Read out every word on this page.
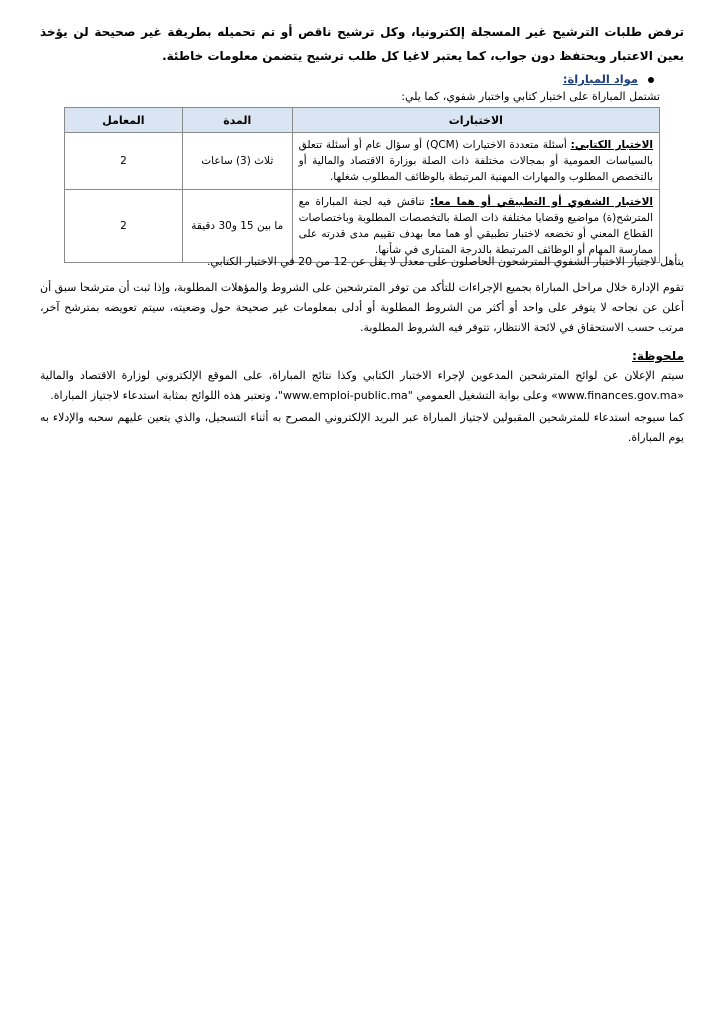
ترفض طلبات الترشيح غير المسجلة إلكترونيا، وكل ترشيح ناقص أو تم تحميله بطريقة غير صحيحة لن يؤخذ بعين الاعتبار ويحتفظ دون جواب، كما يعتبر لاغيا كل طلب ترشيح يتضمن معلومات خاطئة.
مواد المباراة:
تشتمل المباراة على اختبار كتابي واختبار شفوي، كما يلي:
الاختبارات	المدة	المعامل
الاختبار الكتابي: أسئلة متعددة الاختيارات (QCM) أو سؤال عام أو أسئلة تتعلق بالسياسات العمومية أو بمجالات مختلفة ذات الصلة بوزارة الاقتصاد والمالية أو بالتخصص المطلوب والمهارات المهنية المرتبطة بالوظائف المطلوب شغلها.	ثلاث (3) ساعات	2
الاختبار الشفوي أو التطبيقي أو هما معا: تناقش فيه لجنة المباراة مع المترشح(ة) مواضيع وقضايا مختلفة ذات الصلة بالتخصصات المطلوبة وباختصاصات القطاع المعني أو تخضعه لاختبار تطبيقي أو هما معا بهدف تقييم مدى قدرته على ممارسة المهام أو الوظائف المرتبطة بالدرجة المتبارى في شأنها.	ما بين 15 و30 دقيقة	2
يتأهل لاجتياز الاختبار الشفوي المترشحون الحاصلون على معدل لا يقل عن 12 من 20 في الاختبار الكتابي.
تقوم الإدارة خلال مراحل المباراة بجميع الإجراءات للتأكد من توفر المترشحين على الشروط والمؤهلات المطلوبة، وإذا ثبت أن مترشحا سبق أن أعلن عن نجاحه لا يتوفر على واحد أو أكثر من الشروط المطلوبة أو أدلى بمعلومات غير صحيحة حول وضعيته، سيتم تعويضه بمترشح آخر، مرتب حسب الاستحقاق في لائحة الانتظار، تتوفر فيه الشروط المطلوبة.
ملحوظة:
سيتم الإعلان عن لوائح المترشحين المدعوين لإجراء الاختبار الكتابي وكذا نتائج المباراة، على الموقع الإلكتروني لوزارة الاقتصاد والمالية «www.finances.gov.ma» وعلى بوابة التشغيل العمومي "www.emploi-public.ma"، وتعتبر هذه اللوائح بمثابة استدعاء لاجتياز المباراة.
كما سيوجه استدعاء للمترشحين المقبولين لاجتياز المباراة عبر البريد الإلكتروني المصرح به أثناء التسجيل، والذي يتعين عليهم سحبه والإدلاء به يوم المباراة.
